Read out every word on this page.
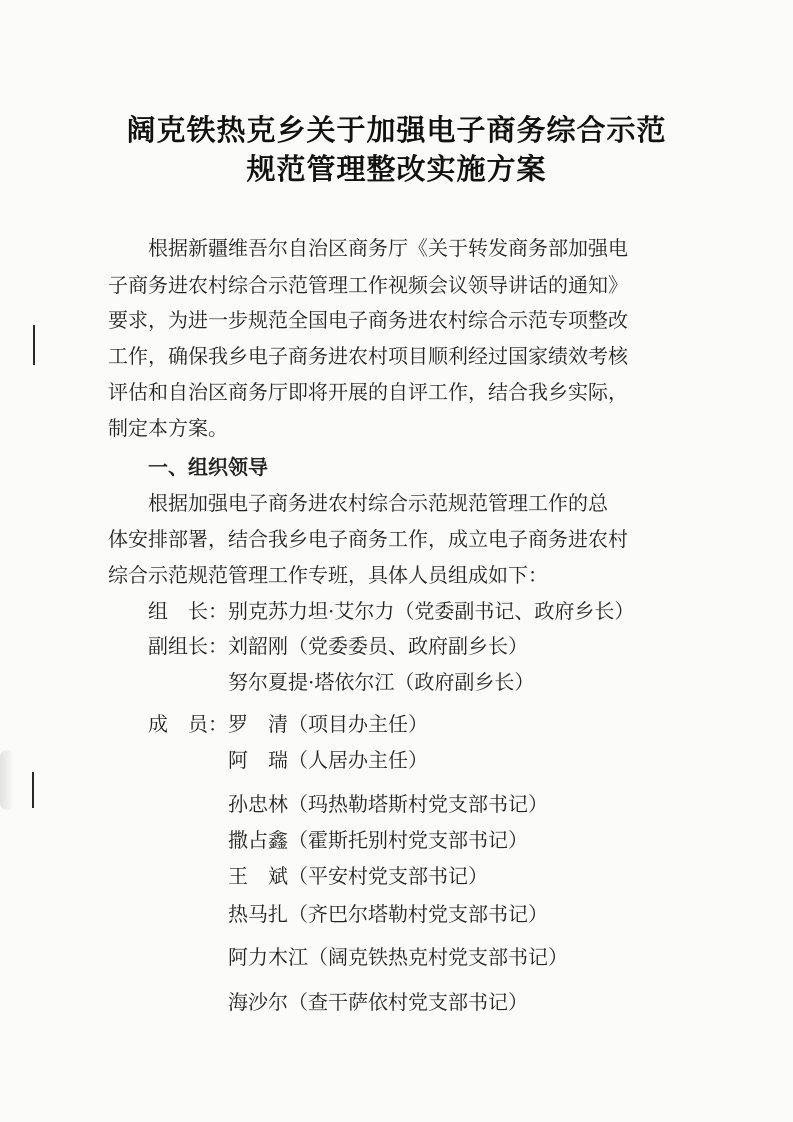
阔克铁热克乡关于加强电子商务综合示范
规范管理整改实施方案
根据新疆维吾尔自治区商务厅《关于转发商务部加强电
子商务进农村综合示范管理工作视频会议领导讲话的通知》
要求，为进一步规范全国电子商务进农村综合示范专项整改
工作，确保我乡电子商务进农村项目顺利经过国家绩效考核
评估和自治区商务厅即将开展的自评工作，结合我乡实际，
制定本方案。
一、组织领导
根据加强电子商务进农村综合示范规范管理工作的总
体安排部署，结合我乡电子商务工作，成立电子商务进农村
综合示范规范管理工作专班，具体人员组成如下：
组　长： 别克苏力坦·艾尔力（党委副书记、政府乡长）
副组长： 刘韶刚（党委委员、政府副乡长）
努尔夏提·塔依尔江（政府副乡长）
成　员： 罗　清（项目办主任）
阿　瑞（人居办主任）
孙忠林（玛热勒塔斯村党支部书记）
撒占鑫（霍斯托别村党支部书记）
王　斌（平安村党支部书记）
热马扎（齐巴尔塔勒村党支部书记）
阿力木江（阔克铁热克村党支部书记）
海沙尔（查干萨依村党支部书记）
